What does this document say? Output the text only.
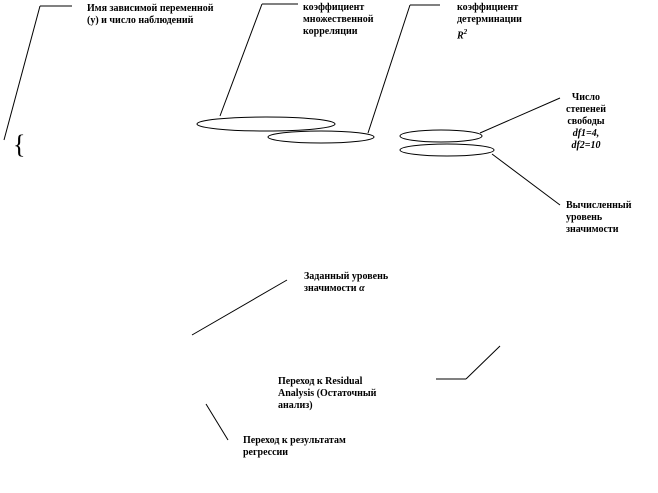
{
Имя зависимой переменной
(y) и число наблюдений
коэффициент
множественной
корреляции
коэффициент
детерминации
$R^2$
Число
степеней
свободы
df1=4,
df2=10
Вычисленный
уровень
значимости
Заданный уровень
значимости α
Переход к Residual
Analysis (Остаточный
анализ)
Переход к результатам
регрессии
